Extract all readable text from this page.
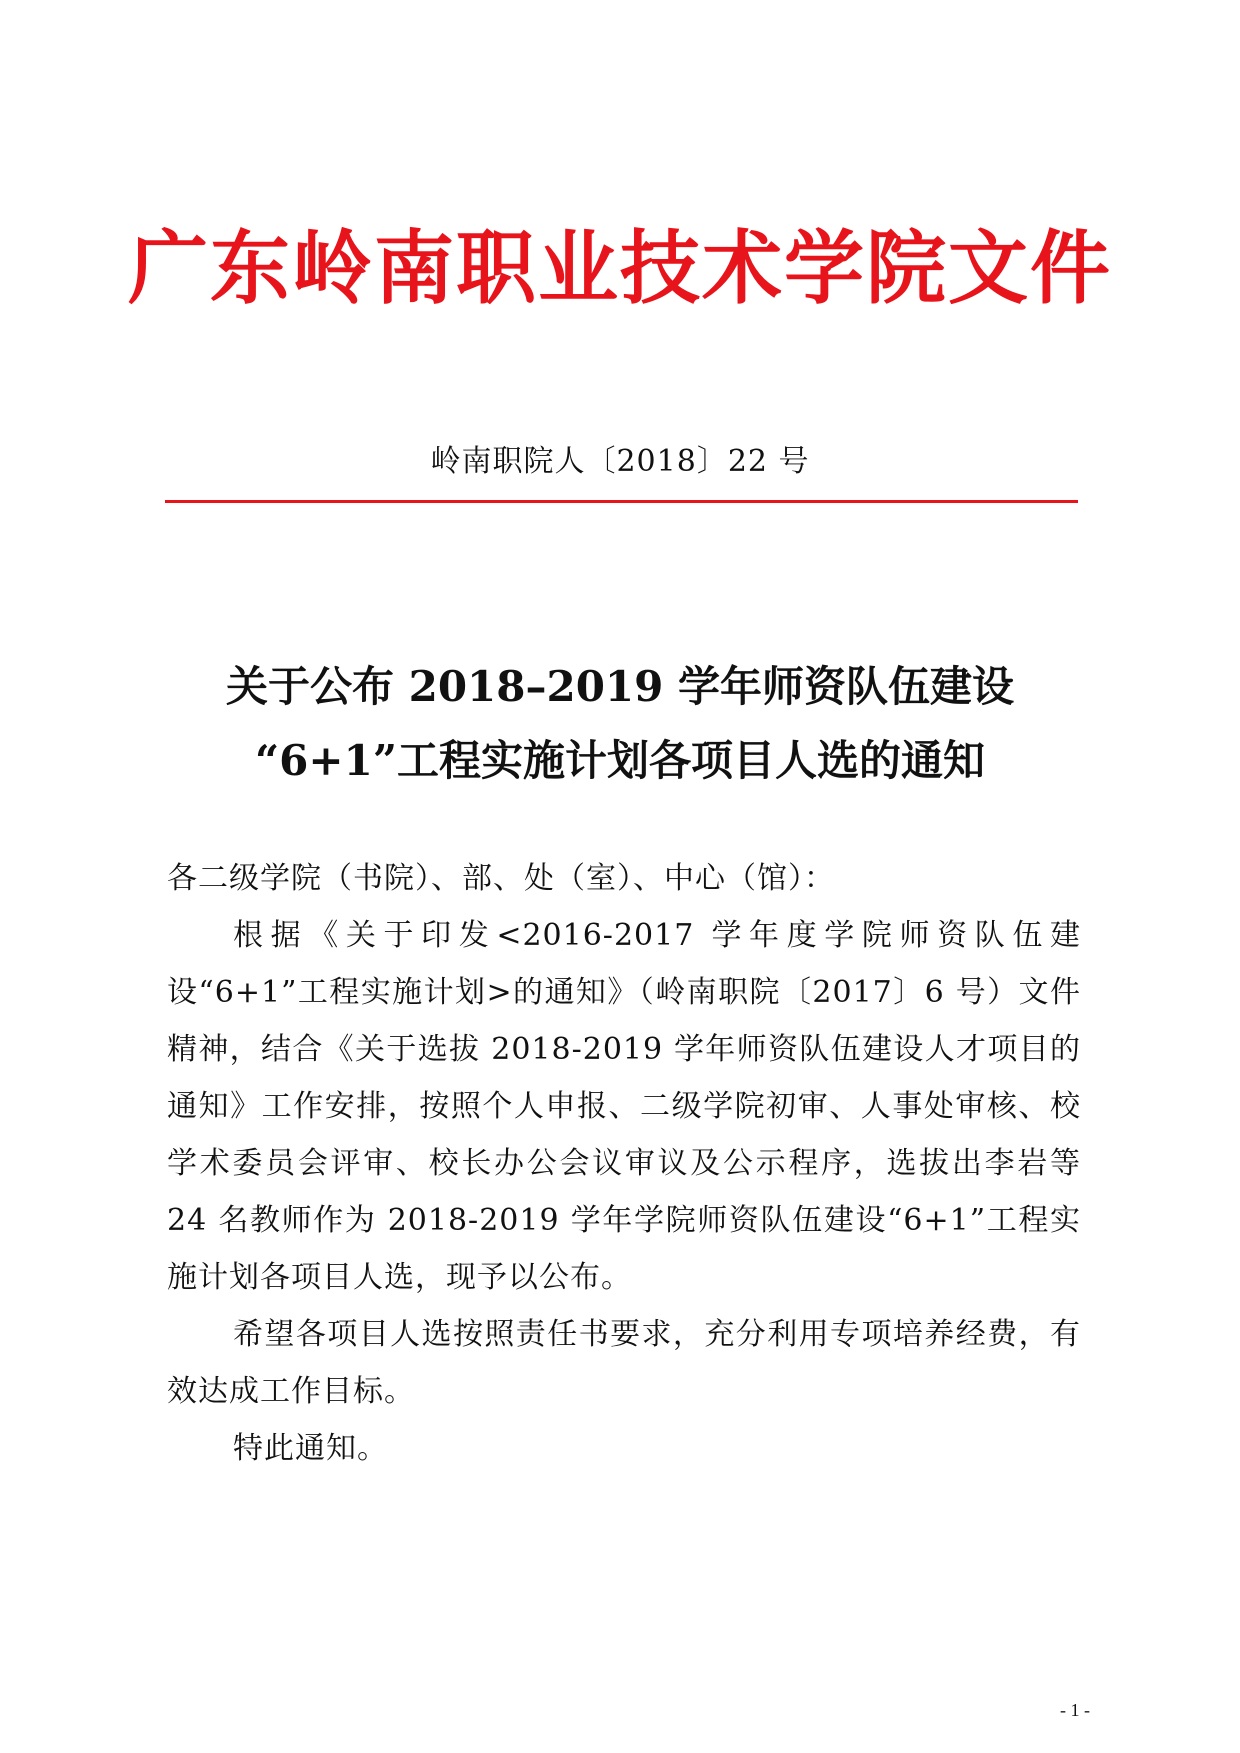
广东岭南职业技术学院文件
岭南职院人〔2018〕22 号
关于公布 2018–2019 学年师资队伍建设
“6+1”工程实施计划各项目人选的通知

各二级学院（书院）、部、处（室）、中心（馆）：

根据《关于印发<2016-2017 学年度学院师资队伍建设“6+1”工程实施计划>的通知》（岭南职院〔2017〕6 号）文件精神，结合《关于选拔 2018-2019 学年师资队伍建设人才项目的通知》工作安排，按照个人申报、二级学院初审、人事处审核、校学术委员会评审、校长办公会议审议及公示程序，选拔出李岩等 24 名教师作为 2018-2019 学年学院师资队伍建设“6+1”工程实施计划各项目人选，现予以公布。

希望各项目人选按照责任书要求，充分利用专项培养经费，有效达成工作目标。

特此通知。

- 1 -
